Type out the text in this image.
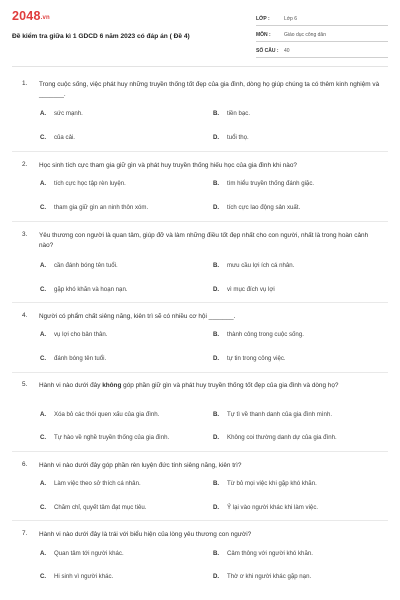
2048.vn
Đề kiểm tra giữa kì 1 GDCD 6 năm 2023 có đáp án ( Đề 4)
LỚP :	Lớp 6
MÔN :	Giáo dục công dân
SỐ CÂU :	40
1. Trong cuộc sống, việc phát huy những truyền thống tốt đẹp của gia đình, dòng họ giúp chúng ta có thêm kinh nghiệm và _______.
A.	sức mạnh.	B.	tiền bạc.
C.	của cải.	D.	tuổi thọ.
2. Học sinh tích cực tham gia giữ gìn và phát huy truyền thống hiếu học của gia đình khi nào?
A.	tích cực học tập rèn luyện.	B.	tìm hiểu truyền thống đánh giặc.
C.	tham gia giữ gìn an ninh thôn xóm.	D.	tích cực lao động sản xuất.
3. Yêu thương con người là quan tâm, giúp đỡ và làm những điều tốt đẹp nhất cho con người, nhất là trong hoàn cảnh nào?
A.	cần đánh bóng tên tuổi.	B.	mưu cầu lợi ích cá nhân.
C.	gặp khó khăn và hoạn nạn.	D.	vì mục đích vụ lợi
4. Người có phẩm chất siêng năng, kiên trì sẽ có nhiều cơ hội _______.
A.	vụ lợi cho bản thân.	B.	thành công trong cuộc sống.
C.	đánh bóng tên tuổi.	D.	tự tin trong công việc.
5. Hành vi nào dưới đây không góp phần giữ gìn và phát huy truyền thống tốt đẹp của gia đình và dòng họ?
A.	Xóa bỏ các thói quen xấu của gia đình.	B.	Tự tì về thanh danh của gia đình mình.
C.	Tự hào về nghề truyền thống của gia đình.	D.	Không coi thường danh dự của gia đình.
6. Hành vi nào dưới đây góp phần rèn luyện đức tính siêng năng, kiên trì?
A.	Làm việc theo sở thích cá nhân.	B.	Từ bỏ mọi việc khi gặp khó khăn.
C.	Chăm chỉ, quyết tâm đạt mục tiêu.	D.	Ỷ lại vào người khác khi làm việc.
7. Hành vi nào dưới đây là trái với biểu hiện của lòng yêu thương con người?
A.	Quan tâm tới người khác.	B.	Cảm thông với người khó khăn.
C.	Hi sinh vì người khác.	D.	Thờ ơ khi người khác gặp nạn.
